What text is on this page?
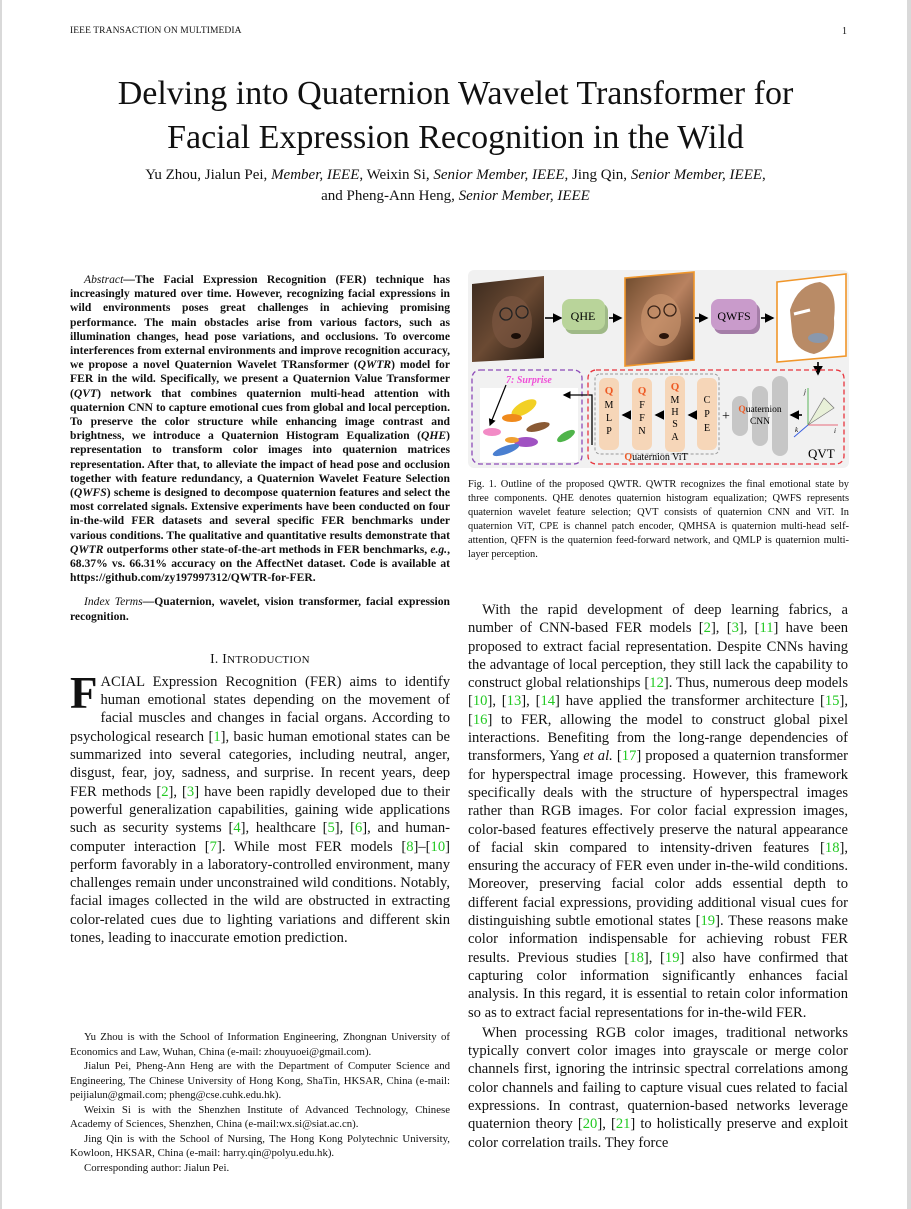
IEEE TRANSACTION ON MULTIMEDIA	1
Delving into Quaternion Wavelet Transformer for
Facial Expression Recognition in the Wild
Yu Zhou, Jialun Pei, Member, IEEE, Weixin Si, Senior Member, IEEE, Jing Qin, Senior Member, IEEE,
and Pheng-Ann Heng, Senior Member, IEEE

Abstract—The Facial Expression Recognition (FER) technique has increasingly matured over time. However, recognizing facial expressions in wild environments poses great challenges in achieving promising performance. The main obstacles arise from various factors, such as illumination changes, head pose variations, and occlusions. To overcome interferences from external environments and improve recognition accuracy, we propose a novel Quaternion Wavelet TRansformer (QWTR) model for FER in the wild. Specifically, we present a Quaternion Value Transformer (QVT) network that combines quaternion multi-head attention with quaternion CNN to capture emotional cues from global and local perception. To preserve the color structure while enhancing image contrast and brightness, we introduce a Quaternion Histogram Equalization (QHE) representation to transform color images into quaternion matrices representation. After that, to alleviate the impact of head pose and occlusion together with feature redundancy, a Quaternion Wavelet Feature Selection (QWFS) scheme is designed to decompose quaternion features and select the most correlated signals. Extensive experiments have been conducted on four in-the-wild FER datasets and several specific FER benchmarks under various conditions. The qualitative and quantitative results demonstrate that QWTR outperforms other state-of-the-art methods in FER benchmarks, e.g., 68.37% vs. 66.31% accuracy on the AffectNet dataset. Code is available at https://github.com/zy197997312/QWTR-for-FER.

Index Terms—Quaternion, wavelet, vision transformer, facial expression recognition.

I. INTRODUCTION

FACIAL Expression Recognition (FER) aims to identify human emotional states depending on the movement of facial muscles and changes in facial organs. According to psychological research [1], basic human emotional states can be summarized into several categories, including neutral, anger, disgust, fear, joy, sadness, and surprise. In recent years, deep FER methods [2], [3] have been rapidly developed due to their powerful generalization capabilities, gaining wide applications such as security systems [4], healthcare [5], [6], and human-computer interaction [7]. While most FER models [8]–[10] perform favorably in a laboratory-controlled environment, many challenges remain under unconstrained wild conditions. Notably, facial images collected in the wild are obstructed in extracting color-related cues due to lighting variations and different skin tones, leading to inaccurate emotion prediction.

Yu Zhou is with the School of Information Engineering, Zhongnan University of Economics and Law, Wuhan, China (e-mail: zhouyuoei@gmail.com).

Jialun Pei, Pheng-Ann Heng are with the Department of Computer Science and Engineering, The Chinese University of Hong Kong, ShaTin, HKSAR, China (e-mail: peijialun@gmail.com; pheng@cse.cuhk.edu.hk).

Weixin Si is with the Shenzhen Institute of Advanced Technology, Chinese Academy of Sciences, Shenzhen, China (e-mail:wx.si@siat.ac.cn).

Jing Qin is with the School of Nursing, The Hong Kong Polytechnic University, Kowloon, HKSAR, China (e-mail: harry.qin@polyu.edu.hk).

Corresponding author: Jialun Pei.

QHE	QWFS
7: Surprise
Q
M
L
P
Q
F
F
N
Q
M
H
S
A
C
P
E
Quaternion ViT
+ Quaternion
CNN
j
i
k
QVT
Fig. 1. Outline of the proposed QWTR. QWTR recognizes the final emotional state by three components. QHE denotes quaternion histogram equalization; QWFS represents quaternion wavelet feature selection; QVT consists of quaternion CNN and ViT. In quaternion ViT, CPE is channel patch encoder, QMHSA is quaternion multi-head self-attention, QFFN is the quaternion feed-forward network, and QMLP is quaternion multi-layer perception.

With the rapid development of deep learning fabrics, a number of CNN-based FER models [2], [3], [11] have been proposed to extract facial representation. Despite CNNs having the advantage of local perception, they still lack the capability to construct global relationships [12]. Thus, numerous deep models [10], [13], [14] have applied the transformer architecture [15], [16] to FER, allowing the model to construct global pixel interactions. Benefiting from the long-range dependencies of transformers, Yang et al. [17] proposed a quaternion transformer for hyperspectral image processing. However, this framework specifically deals with the structure of hyperspectral images rather than RGB images. For color facial expression images, color-based features effectively preserve the natural appearance of facial skin compared to intensity-driven features [18], ensuring the accuracy of FER even under in-the-wild conditions. Moreover, preserving facial color adds essential depth to different facial expressions, providing additional visual cues for distinguishing subtle emotional states [19]. These reasons make color information indispensable for achieving robust FER results. Previous studies [18], [19] also have confirmed that capturing color information significantly enhances facial analysis. In this regard, it is essential to retain color information so as to extract facial representations for in-the-wild FER.

When processing RGB color images, traditional networks typically convert color images into grayscale or merge color channels first, ignoring the intrinsic spectral correlations among color channels and failing to capture visual cues related to facial expressions. In contrast, quaternion-based networks leverage quaternion theory [20], [21] to holistically preserve and exploit color correlation trails. They force
